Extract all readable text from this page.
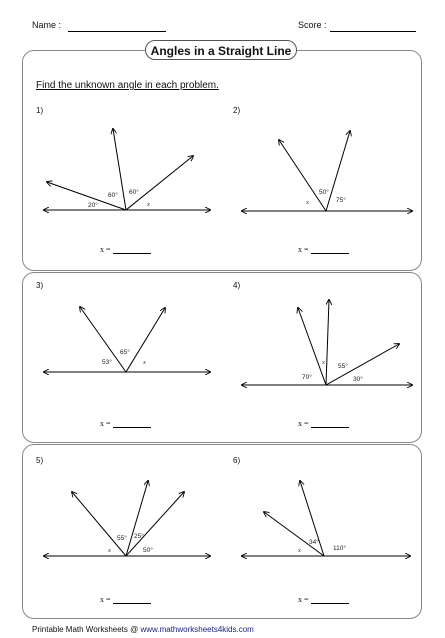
Name :	Score :
Angles in a Straight Line
Find the unknown angle in each problem.
1)	2)
3)	4)
5)	6)
20°
60° 60°
x
50°
75°
x
53°
65°
x
70°
55°
30°
x
55° 25°
50°
x
34°
110°
x
x =	x =
x =	x =
x =	x =
Printable Math Worksheets @ www.mathworksheets4kids.com
